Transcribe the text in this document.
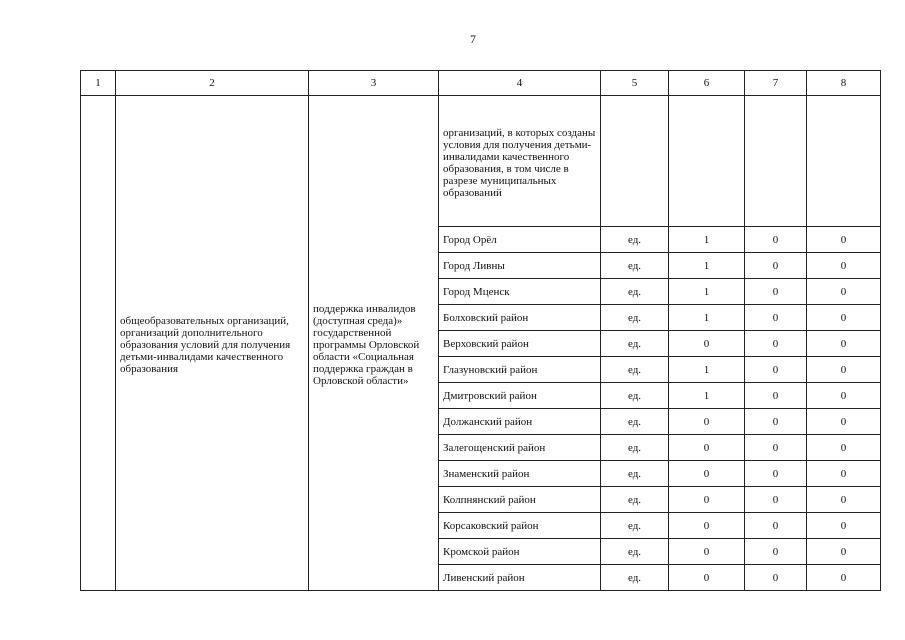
7
1	2	3	4	5	6	7	8

	общеобразовательных организаций, организаций дополнительного образования условий для получения детьми-инвалидами качественного образования	поддержка инвалидов (доступная среда)» государственной программы Орловской области «Социальная поддержка граждан в Орловской области»	организаций, в которых созданы условия для получения детьми-инвалидами качественного образования, в том числе в разрезе муниципальных образований				

			Город Орёл	ед.	1	0	0
			Город Ливны	ед.	1	0	0
			Город Мценск	ед.	1	0	0
			Болховский район	ед.	1	0	0
			Верховский район	ед.	0	0	0
			Глазуновский район	ед.	1	0	0
			Дмитровский район	ед.	1	0	0
			Должанский район	ед.	0	0	0
			Залегощенский район	ед.	0	0	0
			Знаменский район	ед.	0	0	0
			Колпнянский район	ед.	0	0	0
			Корсаковский район	ед.	0	0	0
			Кромской район	ед.	0	0	0
			Ливенский район	ед.	0	0	0
